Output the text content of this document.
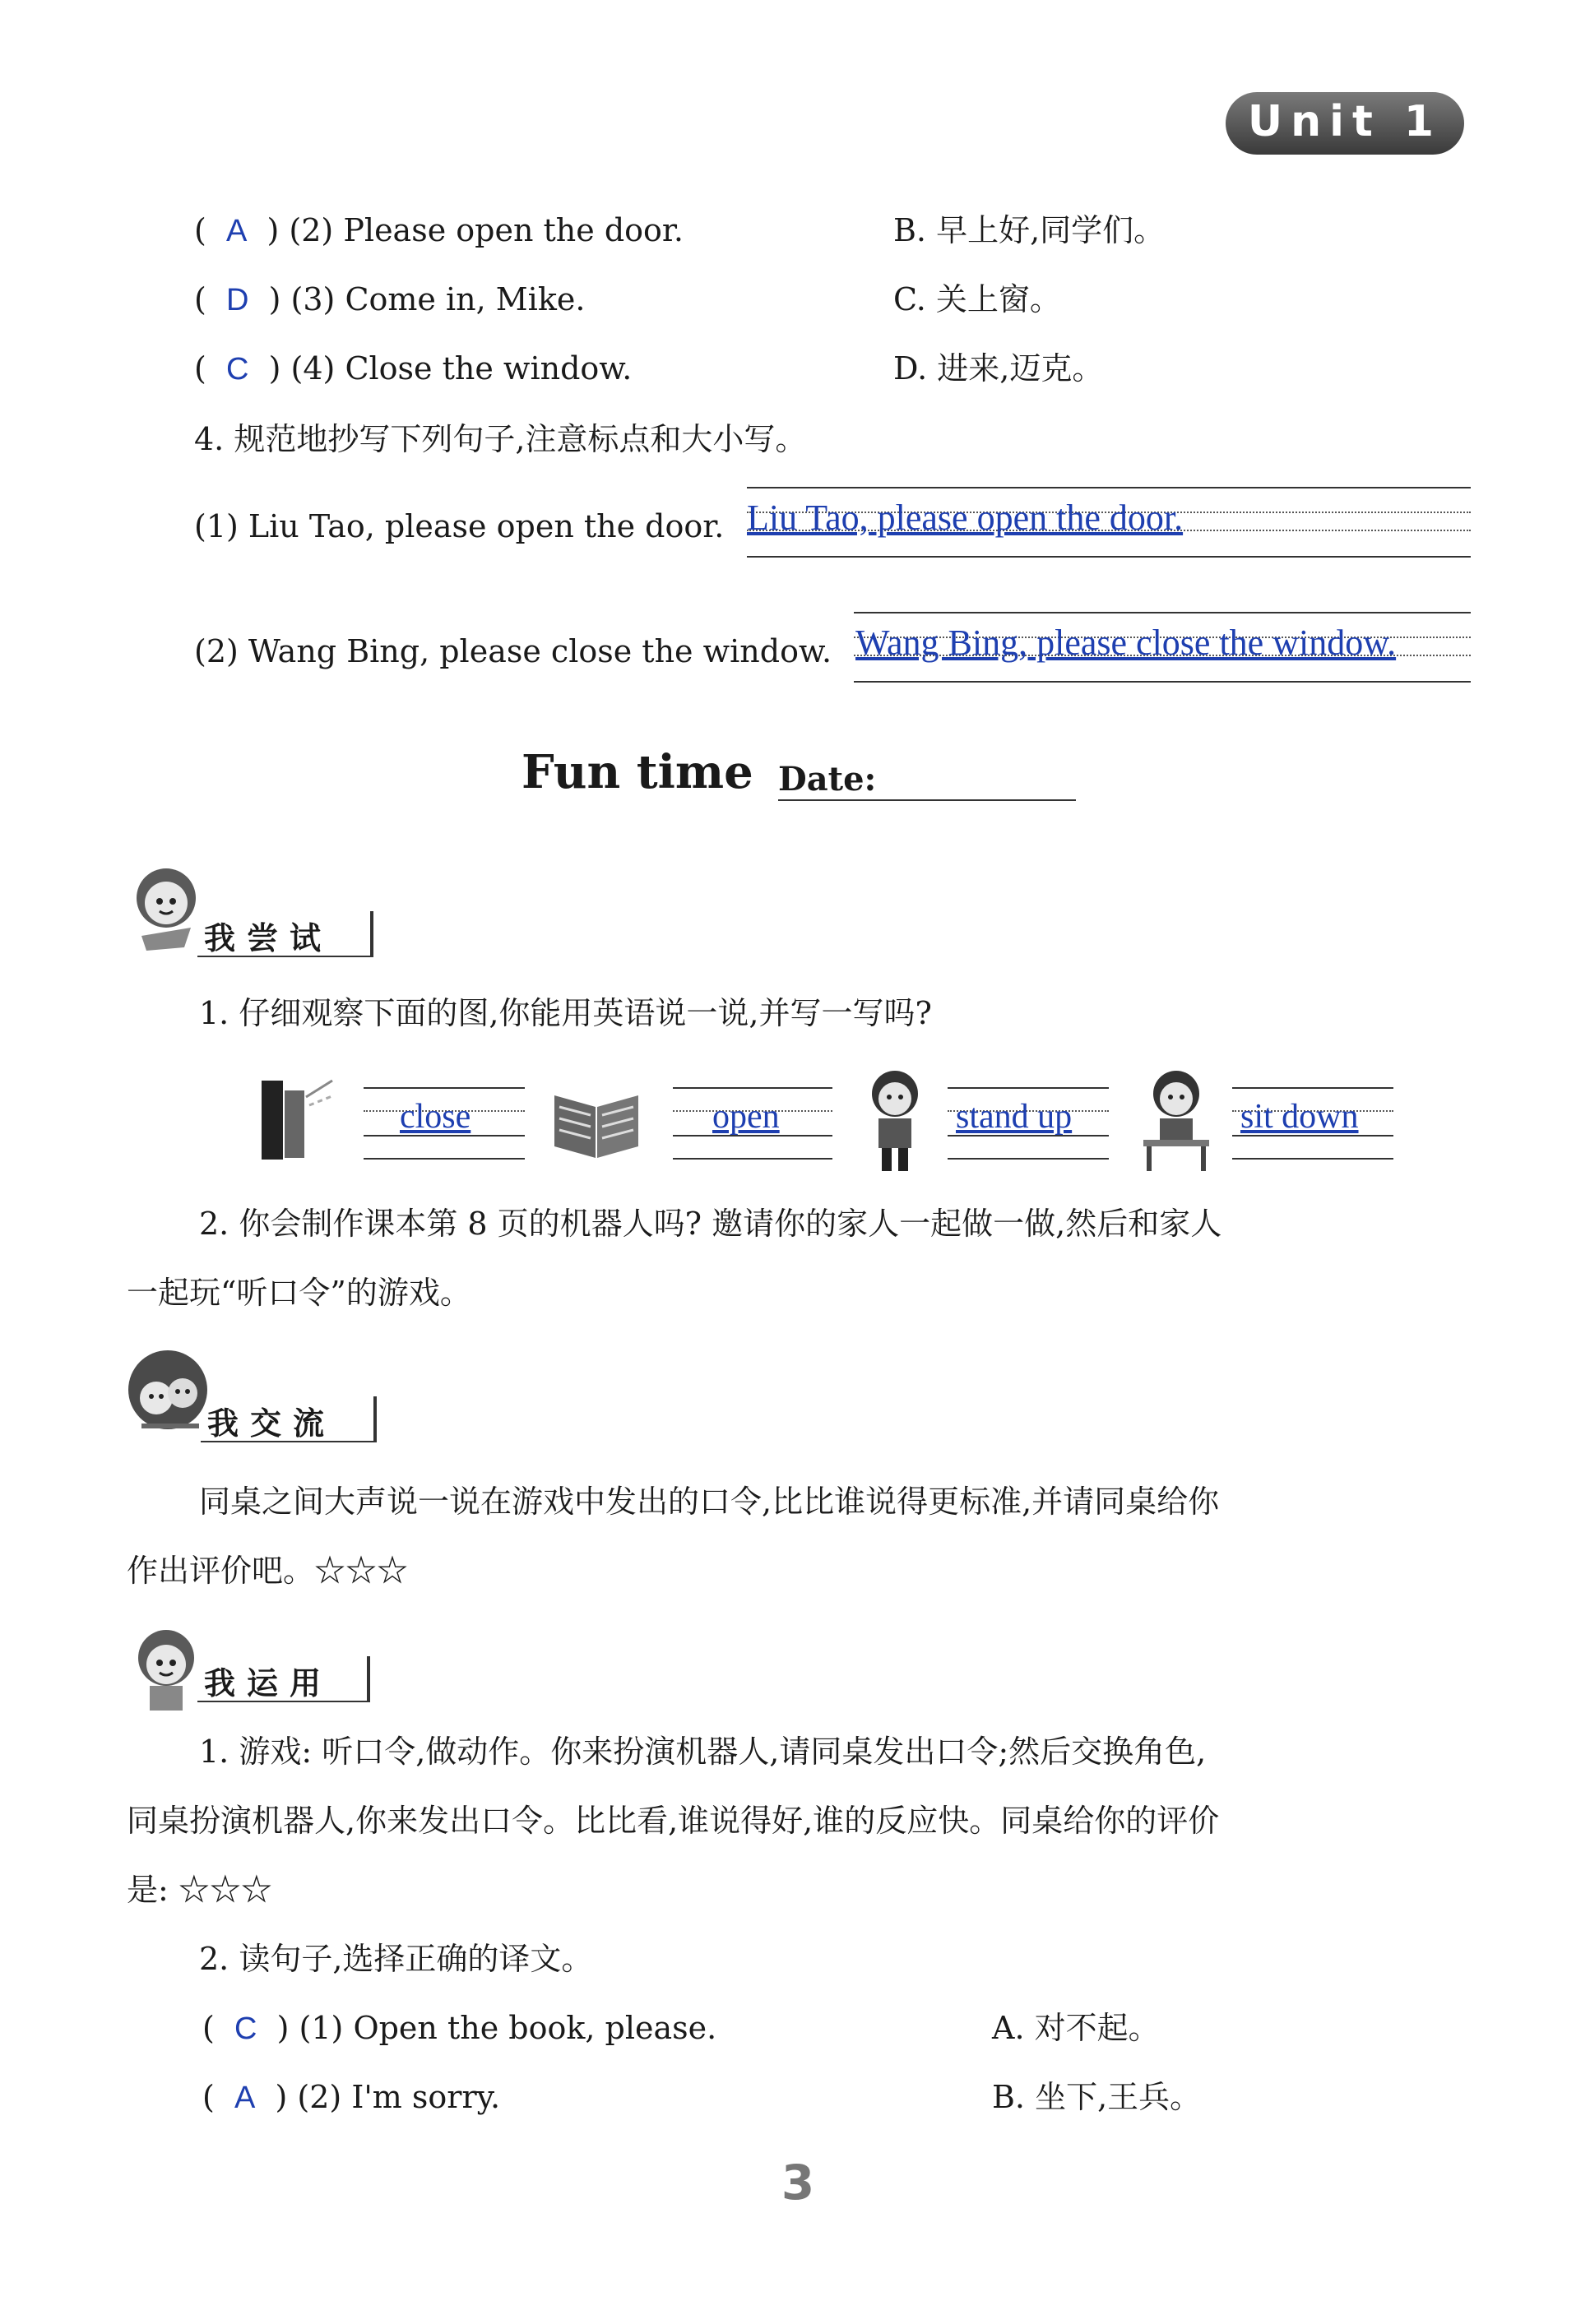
Unit 1
(  A  ) (2) Please open the door.	B. 早上好,同学们。
(  D  ) (3) Come in, Mike.	C. 关上窗。
(  C  ) (4) Close the window.	D. 进来,迈克。
4. 规范地抄写下列句子,注意标点和大小写。
(1) Liu Tao, please open the door. Liu Tao, please open the door.
(2) Wang Bing, please close the window. Wang Bing, please close the window.
Fun time Date:
我尝试
1. 仔细观察下面的图,你能用英语说一说,并写一写吗?
close	open	stand up	sit down
2. 你会制作课本第 8 页的机器人吗? 邀请你的家人一起做一做,然后和家人
一起玩“听口令”的游戏。
我交流
同桌之间大声说一说在游戏中发出的口令,比比谁说得更标准,并请同桌给你
作出评价吧。☆☆☆
我运用
1. 游戏: 听口令,做动作。你来扮演机器人,请同桌发出口令;然后交换角色,
同桌扮演机器人,你来发出口令。比比看,谁说得好,谁的反应快。同桌给你的评价
是: ☆☆☆
2. 读句子,选择正确的译文。
(  C  ) (1) Open the book, please.	A. 对不起。
(  A  ) (2) I'm sorry.	B. 坐下,王兵。
3
